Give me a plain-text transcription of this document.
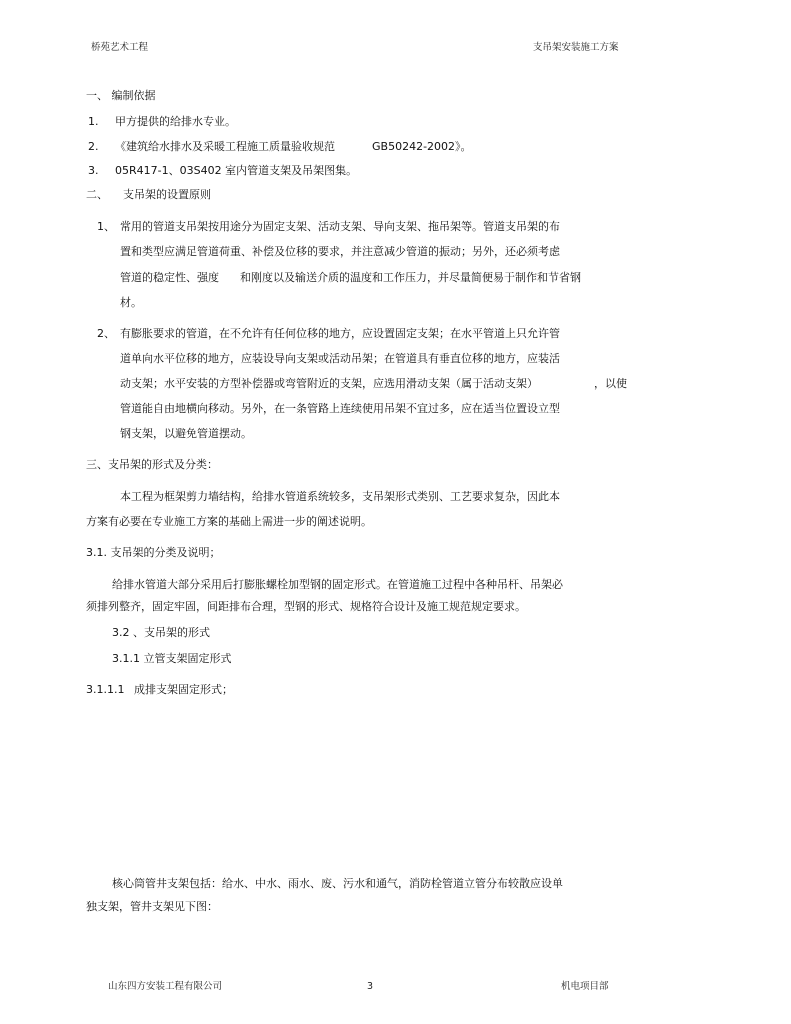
桥苑艺术工程	支吊架安装施工方案
一、 编制依据
1. 甲方提供的给排水专业。
2. 《建筑给水排水及采暖工程施工质量验收规范	GB50242-2002》。
3. 05R417-1、03S402 室内管道支架及吊架图集。
二、 支吊架的设置原则
1、 常用的管道支吊架按用途分为固定支架、活动支架、导向支架、拖吊架等。管道支吊架的布
置和类型应满足管道荷重、补偿及位移的要求，并注意减少管道的振动；另外，还必须考虑
管道的稳定性、强度 和刚度以及输送介质的温度和工作压力，并尽量简便易于制作和节省钢
材。
2、 有膨胀要求的管道，在不允许有任何位移的地方，应设置固定支架；在水平管道上只允许管
道单向水平位移的地方，应装设导向支架或活动吊架；在管道具有垂直位移的地方，应装活
动支架；水平安装的方型补偿器或弯管附近的支架，应选用滑动支架（属于活动支架）	，以使
管道能自由地横向移动。另外，在一条管路上连续使用吊架不宜过多，应在适当位置设立型
钢支架，以避免管道摆动。
三、支吊架的形式及分类：
本工程为框架剪力墙结构，给排水管道系统较多，支吊架形式类别、工艺要求复杂，因此本
方案有必要在专业施工方案的基础上需进一步的阐述说明。
3.1. 支吊架的分类及说明；
给排水管道大部分采用后打膨胀螺栓加型钢的固定形式。在管道施工过程中各种吊杆、吊架必
须排列整齐，固定牢固，间距排布合理，型钢的形式、规格符合设计及施工规范规定要求。
3.2 、支吊架的形式
3.1.1 立管支架固定形式
3.1.1.1 成排支架固定形式；
核心筒管井支架包括：给水、中水、雨水、废、污水和通气，消防栓管道立管分布较散应设单
独支架，管井支架见下图：
山东四方安装工程有限公司	3	机电项目部
